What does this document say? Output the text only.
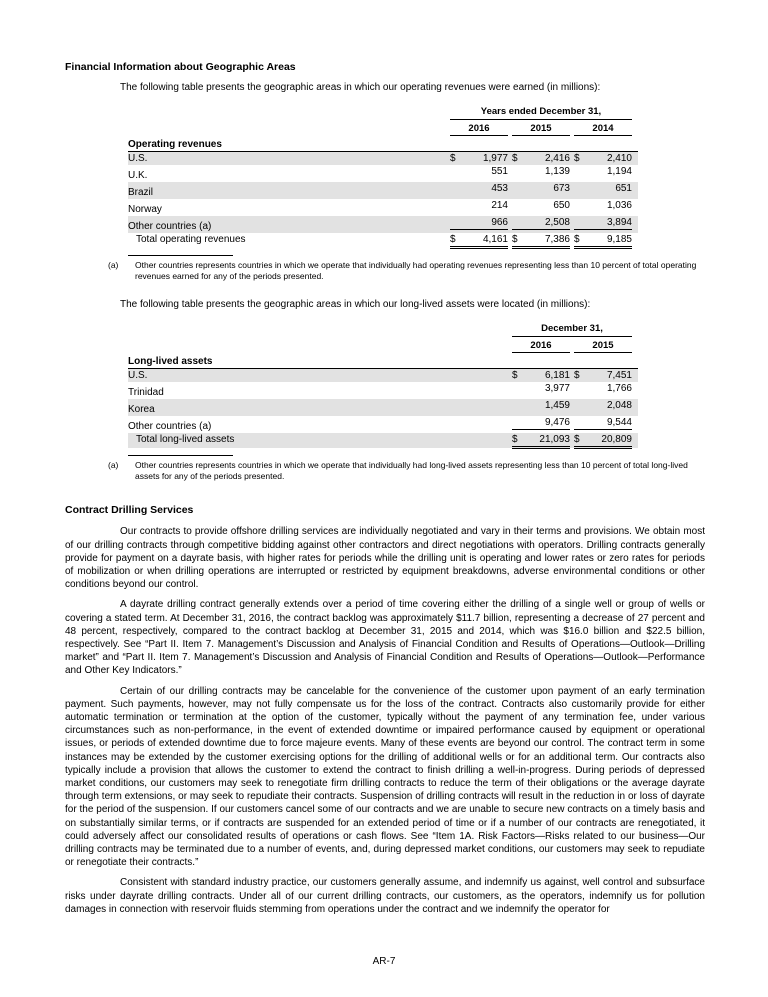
Financial Information about Geographic Areas

The following table presents the geographic areas in which our operating revenues were earned (in millions):

Years ended December 31,
2016	2015	2014
Operating revenues
U.S.	$	1,977 $	2,416 $	2,410
U.K.	551	1,139	1,194
Brazil	453	673	651
Norway	214	650	1,036
Other countries (a)	966	2,508	3,894
Total operating revenues	$	4,161 $	7,386 $	9,185
(a)	Other countries represents countries in which we operate that individually had operating revenues representing less than 10 percent of total operating revenues earned for any of the periods presented.

The following table presents the geographic areas in which our long-lived assets were located (in millions):

December 31,
2016	2015
Long-lived assets
U.S.	$	6,181 $	7,451
Trinidad	3,977	1,766
Korea	1,459	2,048
Other countries (a)	9,476	9,544
Total long-lived assets	$	21,093 $	20,809
(a)	Other countries represents countries in which we operate that individually had long-lived assets representing less than 10 percent of total long-lived assets for any of the periods presented.
Contract Drilling Services

Our contracts to provide offshore drilling services are individually negotiated and vary in their terms and provisions. We obtain most of our drilling contracts through competitive bidding against other contractors and direct negotiations with operators. Drilling contracts generally provide for payment on a dayrate basis, with higher rates for periods while the drilling unit is operating and lower rates or zero rates for periods of mobilization or when drilling operations are interrupted or restricted by equipment breakdowns, adverse environmental conditions or other conditions beyond our control.

A dayrate drilling contract generally extends over a period of time covering either the drilling of a single well or group of wells or covering a stated term. At December 31, 2016, the contract backlog was approximately $11.7 billion, representing a decrease of 27 percent and 48 percent, respectively, compared to the contract backlog at December 31, 2015 and 2014, which was $16.0 billion and $22.5 billion, respectively. See “Part II. Item 7. Management’s Discussion and Analysis of Financial Condition and Results of Operations—Outlook—Drilling market” and “Part II. Item 7. Management’s Discussion and Analysis of Financial Condition and Results of Operations—Outlook—Performance and Other Key Indicators.”

Certain of our drilling contracts may be cancelable for the convenience of the customer upon payment of an early termination payment. Such payments, however, may not fully compensate us for the loss of the contract. Contracts also customarily provide for either automatic termination or termination at the option of the customer, typically without the payment of any termination fee, under various circumstances such as non-performance, in the event of extended downtime or impaired performance caused by equipment or operational issues, or periods of extended downtime due to force majeure events. Many of these events are beyond our control. The contract term in some instances may be extended by the customer exercising options for the drilling of additional wells or for an additional term. Our contracts also typically include a provision that allows the customer to extend the contract to finish drilling a well-in-progress. During periods of depressed market conditions, our customers may seek to renegotiate firm drilling contracts to reduce the term of their obligations or the average dayrate through term extensions, or may seek to repudiate their contracts. Suspension of drilling contracts will result in the reduction in or loss of dayrate for the period of the suspension. If our customers cancel some of our contracts and we are unable to secure new contracts on a timely basis and on substantially similar terms, or if contracts are suspended for an extended period of time or if a number of our contracts are renegotiated, it could adversely affect our consolidated results of operations or cash flows. See “Item 1A. Risk Factors—Risks related to our business—Our drilling contracts may be terminated due to a number of events, and, during depressed market conditions, our customers may seek to repudiate or renegotiate their contracts.”

Consistent with standard industry practice, our customers generally assume, and indemnify us against, well control and subsurface risks under dayrate drilling contracts. Under all of our current drilling contracts, our customers, as the operators, indemnify us for pollution damages in connection with reservoir fluids stemming from operations under the contract and we indemnify the operator for

AR-7
